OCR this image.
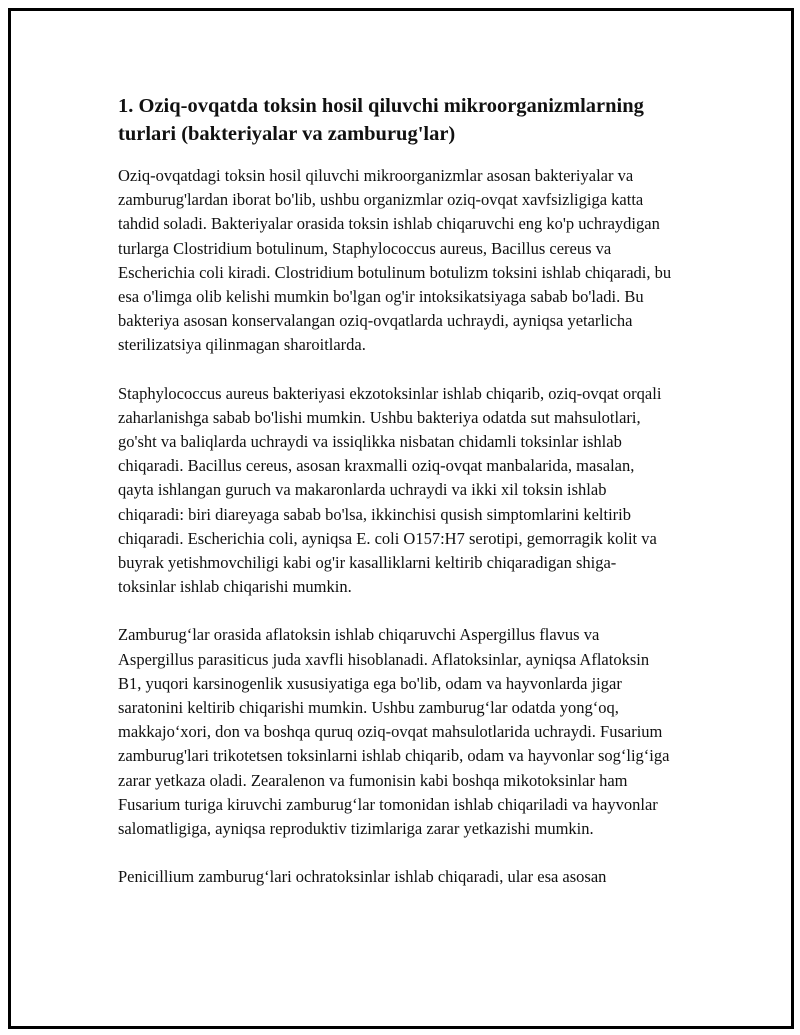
1. Oziq-ovqatda toksin hosil qiluvchi mikroorganizmlarning turlari (bakteriyalar va zamburug'lar)

Oziq-ovqatdagi toksin hosil qiluvchi mikroorganizmlar asosan bakteriyalar va zamburug'lardan iborat bo'lib, ushbu organizmlar oziq-ovqat xavfsizligiga katta tahdid soladi. Bakteriyalar orasida toksin ishlab chiqaruvchi eng ko'p uchraydigan turlarga Clostridium botulinum, Staphylococcus aureus, Bacillus cereus va Escherichia coli kiradi. Clostridium botulinum botulizm toksini ishlab chiqaradi, bu esa o'limga olib kelishi mumkin bo'lgan og'ir intoksikatsiyaga sabab bo'ladi. Bu bakteriya asosan konservalangan oziq-ovqatlarda uchraydi, ayniqsa yetarlicha sterilizatsiya qilinmagan sharoitlarda.

Staphylococcus aureus bakteriyasi ekzotoksinlar ishlab chiqarib, oziq-ovqat orqali zaharlanishga sabab bo'lishi mumkin. Ushbu bakteriya odatda sut mahsulotlari, go'sht va baliqlarda uchraydi va issiqlikka nisbatan chidamli toksinlar ishlab chiqaradi. Bacillus cereus, asosan kraxmalli oziq-ovqat manbalarida, masalan, qayta ishlangan guruch va makaronlarda uchraydi va ikki xil toksin ishlab chiqaradi: biri diareyaga sabab bo'lsa, ikkinchisi qusish simptomlarini keltirib chiqaradi. Escherichia coli, ayniqsa E. coli O157:H7 serotipi, gemorragik kolit va buyrak yetishmovchiligi kabi og'ir kasalliklarni keltirib chiqaradigan shiga-toksinlar ishlab chiqarishi mumkin.

Zamburug‘lar orasida aflatoksin ishlab chiqaruvchi Aspergillus flavus va Aspergillus parasiticus juda xavfli hisoblanadi. Aflatoksinlar, ayniqsa Aflatoksin B1, yuqori karsinogenlik xususiyatiga ega bo'lib, odam va hayvonlarda jigar saratonini keltirib chiqarishi mumkin. Ushbu zamburug‘lar odatda yong‘oq, makkajo‘xori, don va boshqa quruq oziq-ovqat mahsulotlarida uchraydi. Fusarium zamburug'lari trikotetsen toksinlarni ishlab chiqarib, odam va hayvonlar sog‘lig‘iga zarar yetkaza oladi. Zearalenon va fumonisin kabi boshqa mikotoksinlar ham Fusarium turiga kiruvchi zamburug‘lar tomonidan ishlab chiqariladi va hayvonlar salomatligiga, ayniqsa reproduktiv tizimlariga zarar yetkazishi mumkin.

Penicillium zamburug‘lari ochratoksinlar ishlab chiqaradi, ular esa asosan
